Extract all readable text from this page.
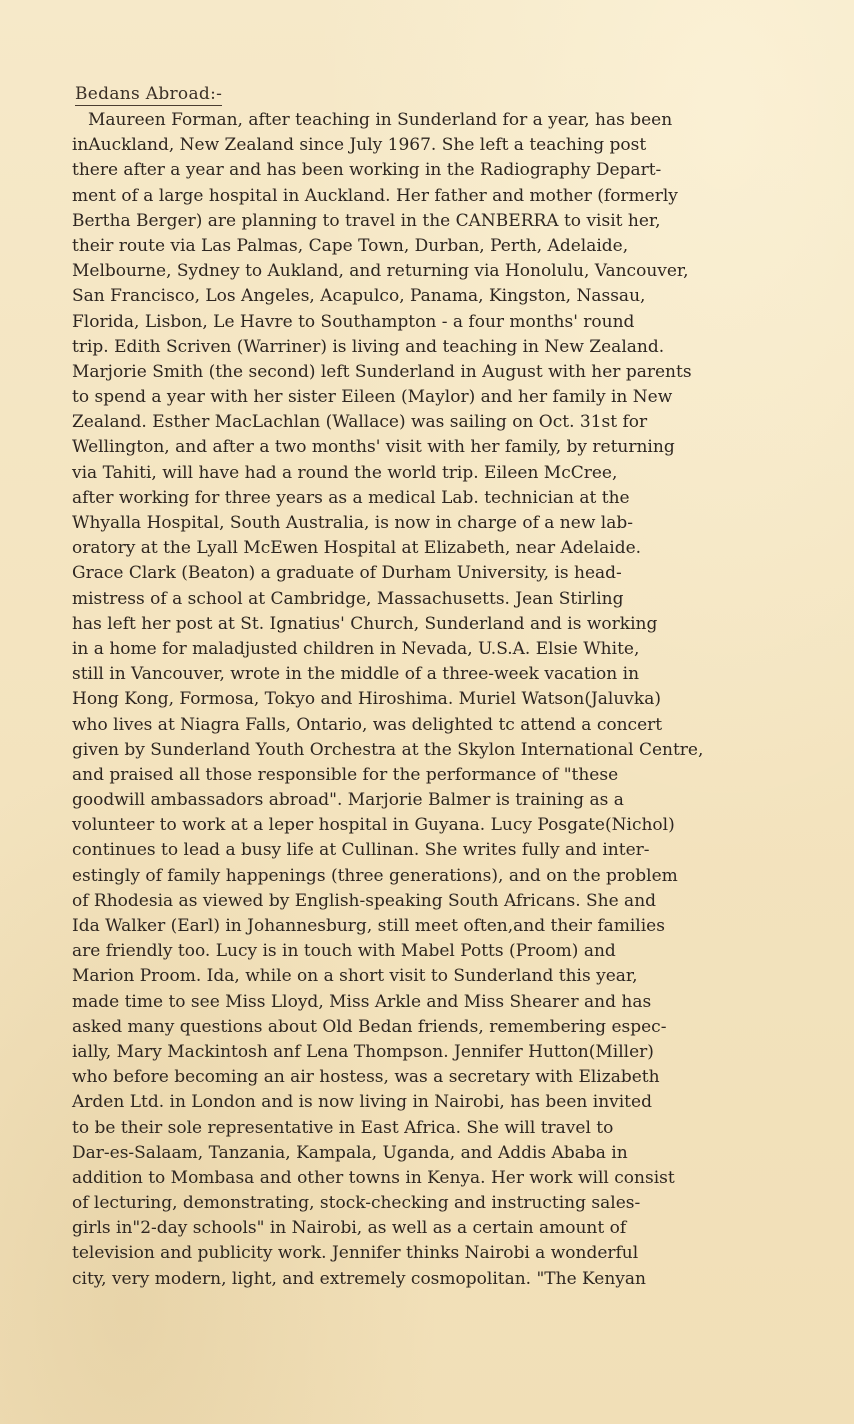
Bedans Abroad:-
Maureen Forman, after teaching in Sunderland for a year, has been
inAuckland, New Zealand since July 1967. She left a teaching post
there after a year and has been working in the Radiography Depart-
ment of a large hospital in Auckland. Her father and mother (formerly
Bertha Berger) are planning to travel in the CANBERRA to visit her,
their route via Las Palmas, Cape Town, Durban, Perth, Adelaide,
Melbourne, Sydney to Aukland, and returning via Honolulu, Vancouver,
San Francisco, Los Angeles, Acapulco, Panama, Kingston, Nassau,
Florida, Lisbon, Le Havre to Southampton - a four months' round
trip. Edith Scriven (Warriner) is living and teaching in New Zealand.
Marjorie Smith (the second) left Sunderland in August with her parents
to spend a year with her sister Eileen (Maylor) and her family in New
Zealand. Esther MacLachlan (Wallace) was sailing on Oct. 31st for
Wellington, and after a two months' visit with her family, by returning
via Tahiti, will have had a round the world trip. Eileen McCree,
after working for three years as a medical Lab. technician at the
Whyalla Hospital, South Australia, is now in charge of a new lab-
oratory at the Lyall McEwen Hospital at Elizabeth, near Adelaide.
Grace Clark (Beaton) a graduate of Durham University, is head-
mistress of a school at Cambridge, Massachusetts. Jean Stirling
has left her post at St. Ignatius' Church, Sunderland and is working
in a home for maladjusted children in Nevada, U.S.A. Elsie White,
still in Vancouver, wrote in the middle of a three-week vacation in
Hong Kong, Formosa, Tokyo and Hiroshima. Muriel Watson(Jaluvka)
who lives at Niagra Falls, Ontario, was delighted tc attend a concert
given by Sunderland Youth Orchestra at the Skylon International Centre,
and praised all those responsible for the performance of "these
goodwill ambassadors abroad". Marjorie Balmer is training as a
volunteer to work at a leper hospital in Guyana. Lucy Posgate(Nichol)
continues to lead a busy life at Cullinan. She writes fully and inter-
estingly of family happenings (three generations), and on the problem
of Rhodesia as viewed by English-speaking South Africans. She and
Ida Walker (Earl) in Johannesburg, still meet often,and their families
are friendly too. Lucy is in touch with Mabel Potts (Proom) and
Marion Proom. Ida, while on a short visit to Sunderland this year,
made time to see Miss Lloyd, Miss Arkle and Miss Shearer and has
asked many questions about Old Bedan friends, remembering espec-
ially, Mary Mackintosh anf Lena Thompson. Jennifer Hutton(Miller)
who before becoming an air hostess, was a secretary with Elizabeth
Arden Ltd. in London and is now living in Nairobi, has been invited
to be their sole representative in East Africa. She will travel to
Dar-es-Salaam, Tanzania, Kampala, Uganda, and Addis Ababa in
addition to Mombasa and other towns in Kenya. Her work will consist
of lecturing, demonstrating, stock-checking and instructing sales-
girls in"2-day schools" in Nairobi, as well as a certain amount of
television and publicity work. Jennifer thinks Nairobi a wonderful
city, very modern, light, and extremely cosmopolitan. "The Kenyan
